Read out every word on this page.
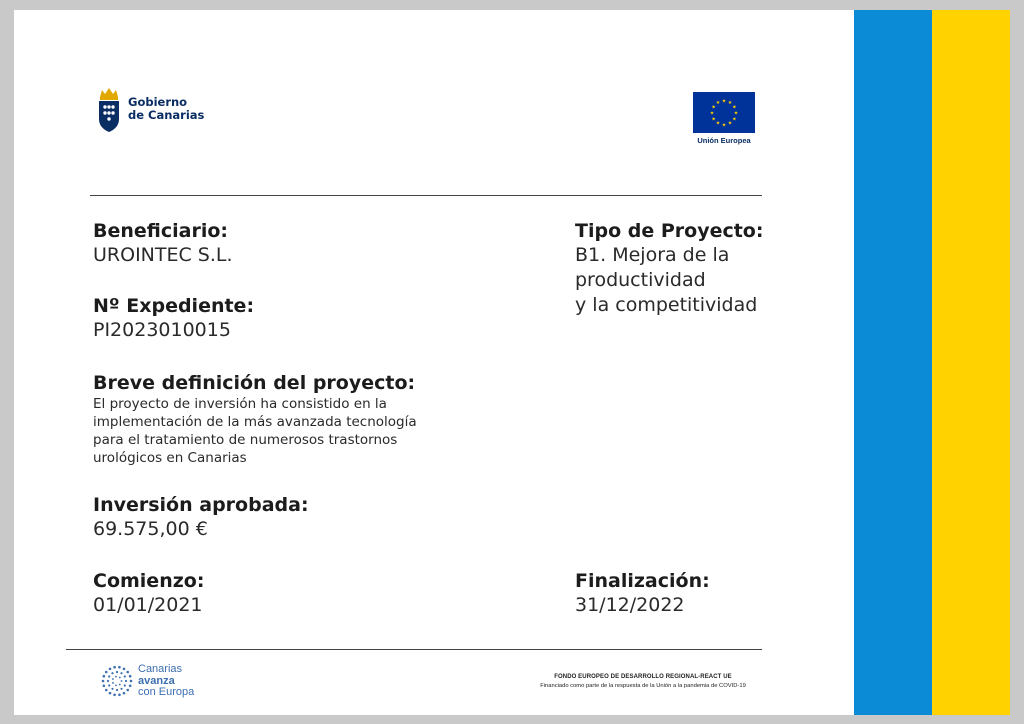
Gobierno
de Canarias	★
★
★
★
★
★
★
★
★ ★ ★
★
Unión Europea
Beneficiario:
UROINTEC S.L.
Nº Expediente:
PI2023010015
Breve definición del proyecto:
El proyecto de inversión ha consistido en la
implementación de la más avanzada tecnología
para el tratamiento de numerosos trastornos
urológicos en Canarias
Inversión aprobada:
69.575,00 €
Comienzo:
01/01/2021
Tipo de Proyecto:
B1. Mejora de la
productividad
y la competitividad
Finalización:
31/12/2022
Canarias
avanza
con Europa
FONDO EUROPEO DE DESARROLLO REGIONAL-REACT UE
Financiado como parte de la respuesta de la Unión a la pandemia de COVID-19
